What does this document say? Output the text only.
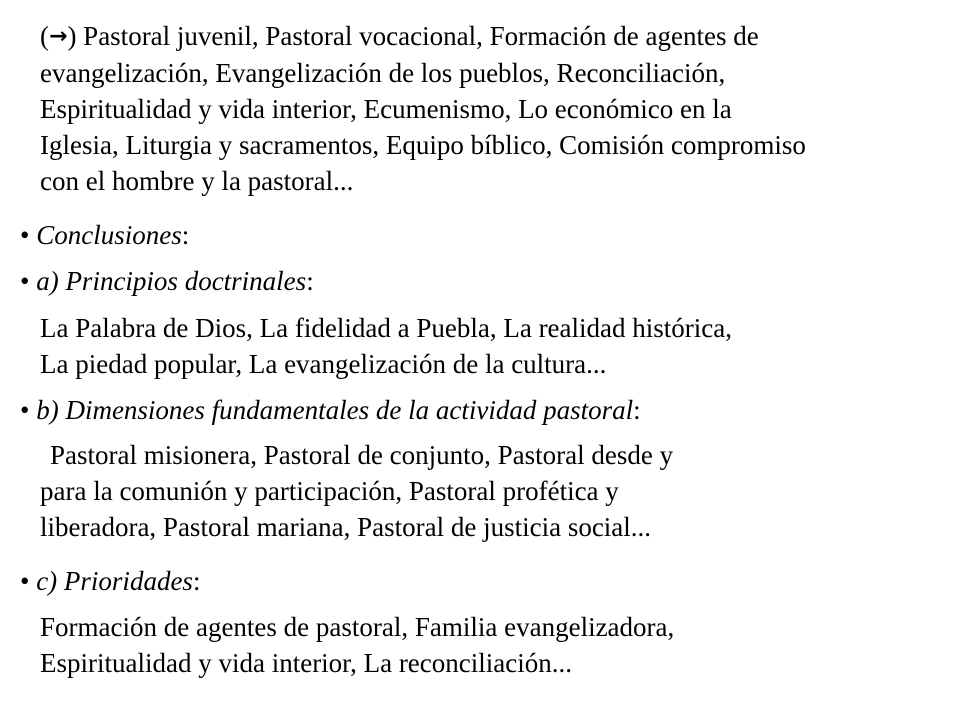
(→) Pastoral juvenil, Pastoral vocacional, Formación de agentes de
evangelización, Evangelización de los pueblos, Reconciliación,
Espiritualidad y vida interior, Ecumenismo, Lo económico en la
Iglesia, Liturgia y sacramentos, Equipo bíblico, Comisión compromiso
con el hombre y la pastoral...
• Conclusiones:
• a) Principios doctrinales:
La Palabra de Dios, La fidelidad a Puebla, La realidad histórica,
La piedad popular, La evangelización de la cultura...
• b) Dimensiones fundamentales de la actividad pastoral:
Pastoral misionera, Pastoral de conjunto, Pastoral desde y
para la comunión y participación, Pastoral profética y
liberadora, Pastoral mariana, Pastoral de justicia social...
• c) Prioridades:
Formación de agentes de pastoral, Familia evangelizadora,
Espiritualidad y vida interior, La reconciliación...
